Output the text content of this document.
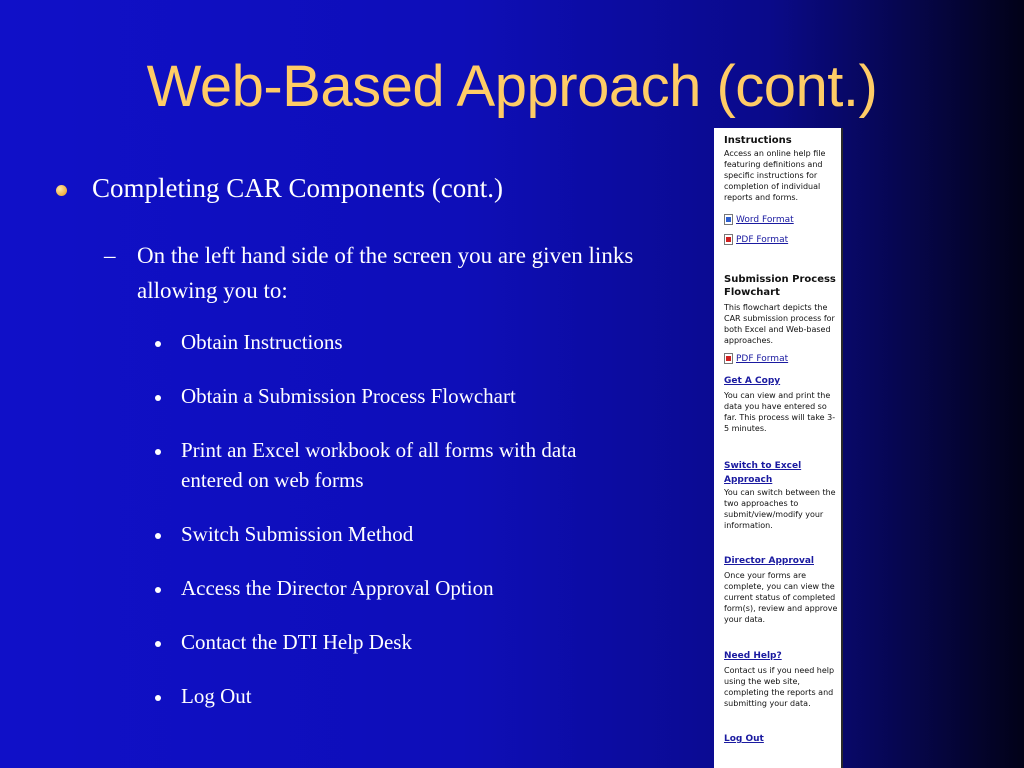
Web-Based Approach (cont.)
Completing CAR Components (cont.)
– On the left hand side of the screen you are given links allowing you to:
Obtain Instructions
Obtain a Submission Process Flowchart
Print an Excel workbook of all forms with data entered on web forms
Switch Submission Method
Access the Director Approval Option
Contact the DTI Help Desk
Log Out
Instructions
Access an online help file featuring definitions and specific instructions for completion of individual reports and forms.
Word Format
PDF Format
Submission Process Flowchart
This flowchart depicts the CAR submission process for both Excel and Web-based approaches.
PDF Format
Get A Copy
You can view and print the data you have entered so far. This process will take 3-5 minutes.
Switch to Excel Approach
You can switch between the two approaches to submit/view/modify your information.
Director Approval
Once your forms are complete, you can view the current status of completed form(s), review and approve your data.
Need Help?
Contact us if you need help using the web site, completing the reports and submitting your data.
Log Out
